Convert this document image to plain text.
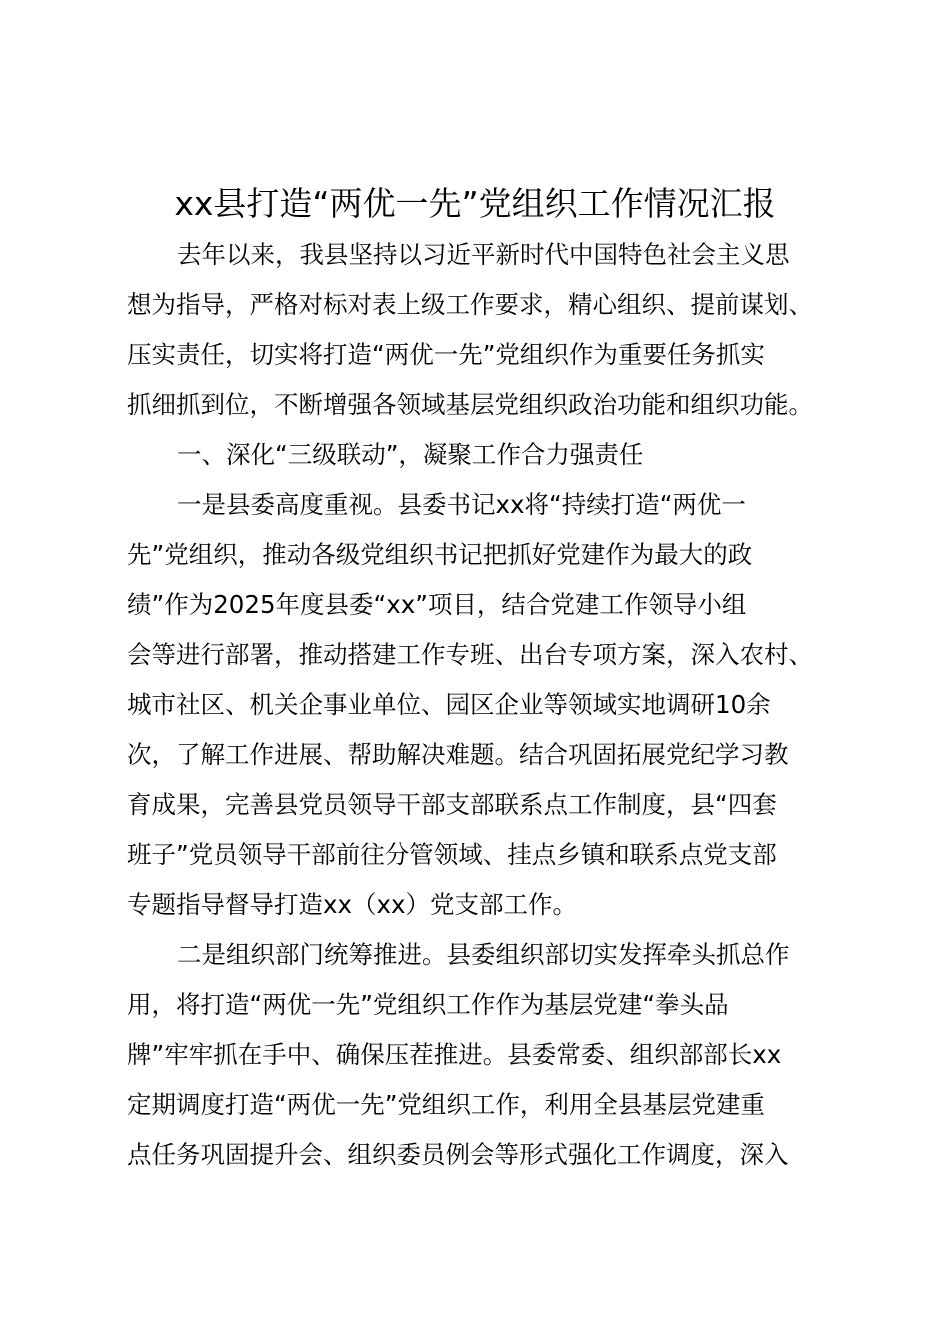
xx县打造“两优一先”党组织工作情况汇报
去年以来，我县坚持以习近平新时代中国特色社会主义思
想为指导，严格对标对表上级工作要求，精心组织、提前谋划、
压实责任，切实将打造“两优一先”党组织作为重要任务抓实
抓细抓到位，不断增强各领域基层党组织政治功能和组织功能。
一、深化“三级联动”，凝聚工作合力强责任
一是县委高度重视。县委书记xx将“持续打造“两优一
先”党组织，推动各级党组织书记把抓好党建作为最大的政
绩”作为2025年度县委“xx”项目，结合党建工作领导小组
会等进行部署，推动搭建工作专班、出台专项方案，深入农村、
城市社区、机关企事业单位、园区企业等领域实地调研10余
次，了解工作进展、帮助解决难题。结合巩固拓展党纪学习教
育成果，完善县党员领导干部支部联系点工作制度，县“四套
班子”党员领导干部前往分管领域、挂点乡镇和联系点党支部
专题指导督导打造xx（xx）党支部工作。
二是组织部门统筹推进。县委组织部切实发挥牵头抓总作
用，将打造“两优一先”党组织工作作为基层党建“拳头品
牌”牢牢抓在手中、确保压茬推进。县委常委、组织部部长xx
定期调度打造“两优一先”党组织工作，利用全县基层党建重
点任务巩固提升会、组织委员例会等形式强化工作调度，深入
